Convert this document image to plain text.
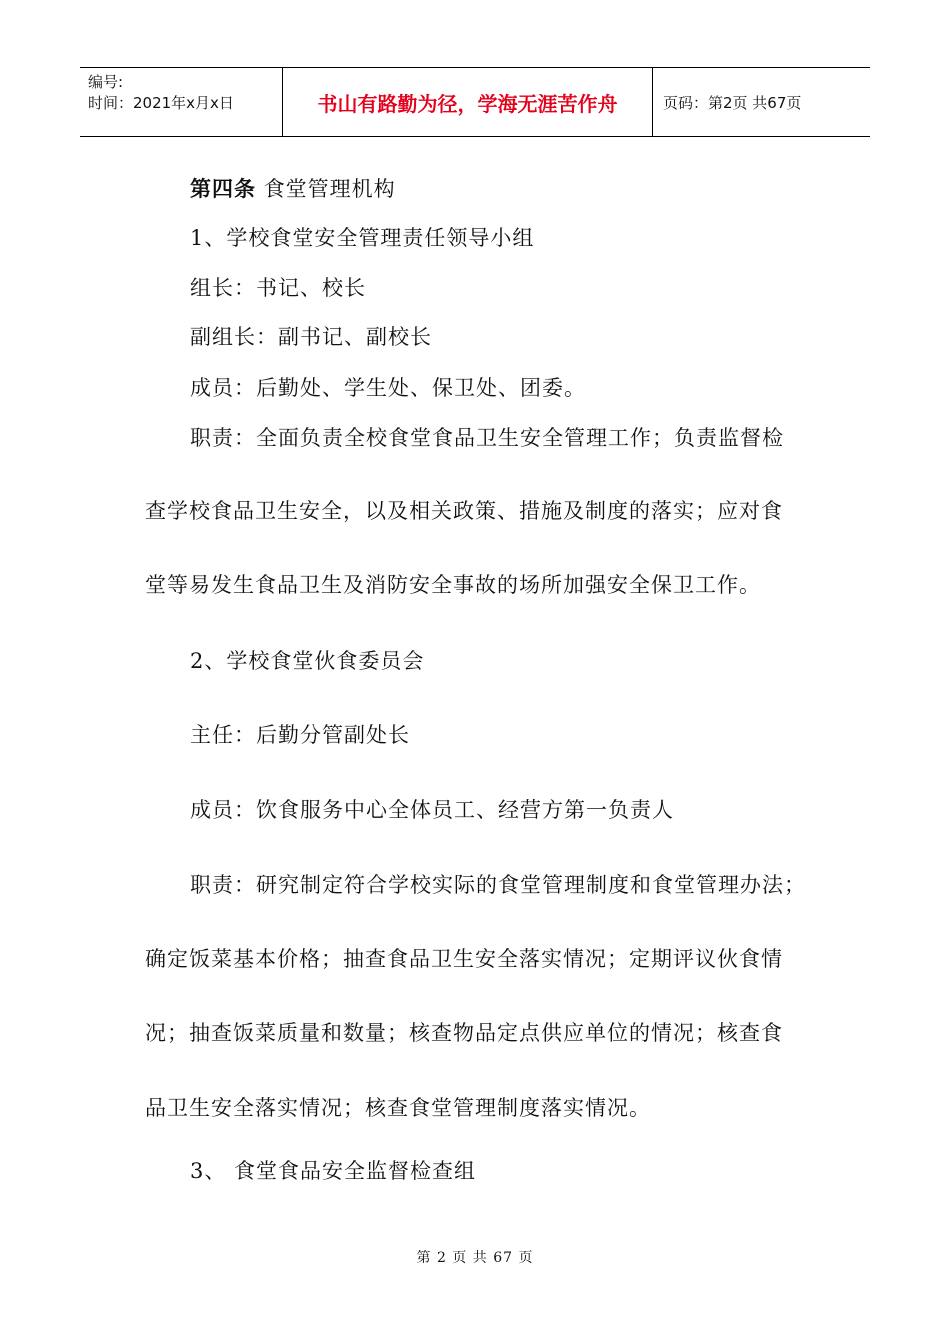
编号:
时间：2021年x月x日	书山有路勤为径，学海无涯苦作舟	页码：第2页 共67页
第四条 食堂管理机构
1、学校食堂安全管理责任领导小组
组长：书记、校长
副组长：副书记、副校长
成员：后勤处、学生处、保卫处、团委。
职责：全面负责全校食堂食品卫生安全管理工作；负责监督检
查学校食品卫生安全，以及相关政策、措施及制度的落实；应对食
堂等易发生食品卫生及消防安全事故的场所加强安全保卫工作。
2、学校食堂伙食委员会
主任：后勤分管副处长
成员：饮食服务中心全体员工、经营方第一负责人
职责：研究制定符合学校实际的食堂管理制度和食堂管理办法；
确定饭菜基本价格；抽查食品卫生安全落实情况；定期评议伙食情
况；抽查饭菜质量和数量；核查物品定点供应单位的情况；核查食
品卫生安全落实情况；核查食堂管理制度落实情况。
3、 食堂食品安全监督检查组
第 2 页 共 67 页
